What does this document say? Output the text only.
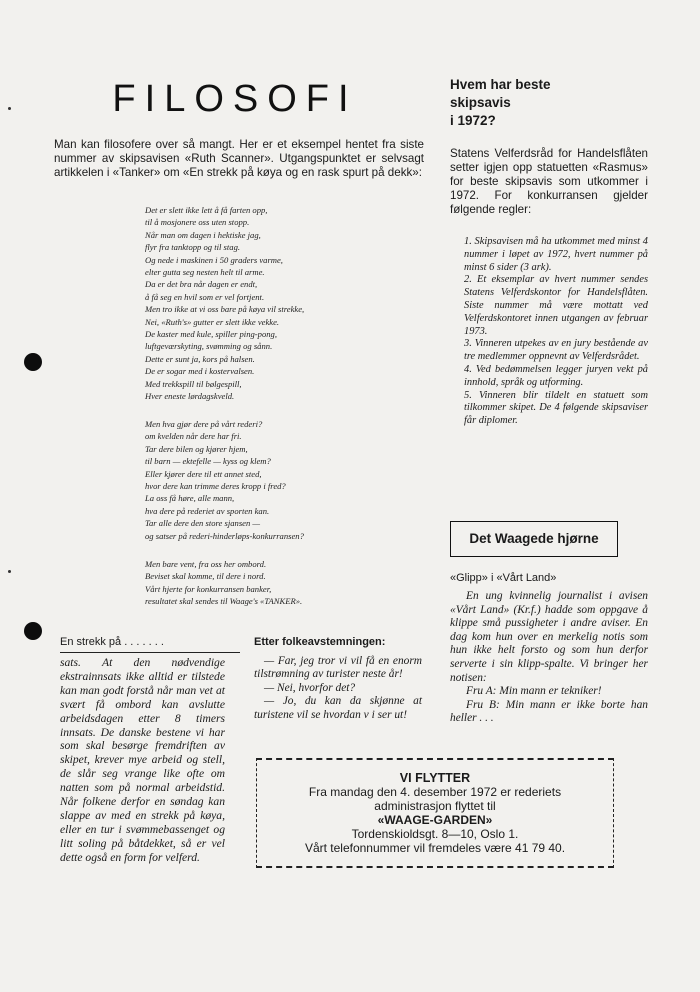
FILOSOFI
Man kan filosofere over så mangt. Her er et eksempel hentet fra siste nummer av skipsavisen «Ruth Scanner». Utgangspunktet er selvsagt artikkelen i «Tanker» om «En strekk på køya og en rask spurt på dekk»:
Det er slett ikke lett å få farten opp,
til å mosjonere oss uten stopp.
Når man om dagen i hektiske jag,
flyr fra tanktopp og til stag.
Og nede i maskinen i 50 graders varme,
elter gutta seg nesten helt til arme.
Da er det bra når dagen er endt,
å få seg en hvil som er vel fortjent.
Men tro ikke at vi oss bare på køya vil strekke,
Nei, «Ruth's» gutter er slett ikke vekke.
De kaster med kule, spiller ping-pong,
luftgeværskyting, svømming og sånn.
Dette er sunt ja, kors på halsen.
De er sogar med i kostervalsen.
Med trekkspill til bølgespill,
Hver eneste lørdagskveld.
Men hva gjør dere på vårt rederi?
om kvelden når dere har fri.
Tar dere bilen og kjører hjem,
til barn — ektefelle — kyss og klem?
Eller kjører dere til ett annet sted,
hvor dere kan trimme deres kropp i fred?
La oss få høre, alle mann,
hva dere på rederiet av sporten kan.
Tar alle dere den store sjansen —
og satser på rederi-hinderløps-konkurransen?
Men bare vent, fra oss her ombord.
Beviset skal komme, til dere i nord.
Vårt hjerte for konkurransen banker,
resultatet skal sendes til Waage's «TANKER».
Hvem har beste
skipsavis
i 1972?
Statens Velferdsråd for Handelsflåten setter igjen opp statuetten «Rasmus» for beste skipsavis som utkommer i 1972. For konkurransen gjelder følgende regler:

1. Skipsavisen må ha utkommet med minst 4 nummer i løpet av 1972, hvert nummer på minst 6 sider (3 ark).

2. Et eksemplar av hvert nummer sendes Statens Velferdskontor for Handelsflåten. Siste nummer må være mottatt ved Velferdskontoret innen utgangen av februar 1973.

3. Vinneren utpekes av en jury bestående av tre medlemmer oppnevnt av Velferdsrådet.

4. Ved bedømmelsen legger juryen vekt på innhold, språk og utforming.

5. Vinneren blir tildelt en statuett som tilkommer skipet. De 4 følgende skipsaviser får diplomer.

Det Waagede hjørne
«Glipp» i «Vårt Land»

En ung kvinnelig journalist i avisen «Vårt Land» (Kr.f.) hadde som oppgave å klippe små pussigheter i andre aviser. En dag kom hun over en merkelig notis som hun ikke helt forsto og som hun derfor serverte i sin klipp-spalte. Vi bringer her notisen:

Fru A: Min mann er tekniker!

Fru B: Min mann er ikke borte han heller . . .

En strekk på . . . . . . .
sats. At den nødvendige ekstrainnsats ikke alltid er tilstede kan man godt forstå når man vet at svært få ombord kan avslutte arbeidsdagen etter 8 timers innsats. De danske bestene vi har som skal besørge fremdriften av skipet, krever mye arbeid og stell, de slår seg vrange like ofte om natten som på normal arbeidstid. Når folkene derfor en søndag kan slappe av med en strekk på køya, eller en tur i svømmebassenget og litt soling på båtdekket, så er vel dette også en form for velferd.
Etter folkeavstemningen:

— Far, jeg tror vi vil få en enorm tilstrømning av turister neste år!

— Nei, hvorfor det?

— Jo, du kan da skjønne at turistene vil se hvordan v i ser ut!

VI FLYTTER
Fra mandag den 4. desember 1972 er rederiets
administrasjon flyttet til
«WAAGE-GARDEN»
Tordenskioldsgt. 8—10, Oslo 1.
Vårt telefonnummer vil fremdeles være 41 79 40.
